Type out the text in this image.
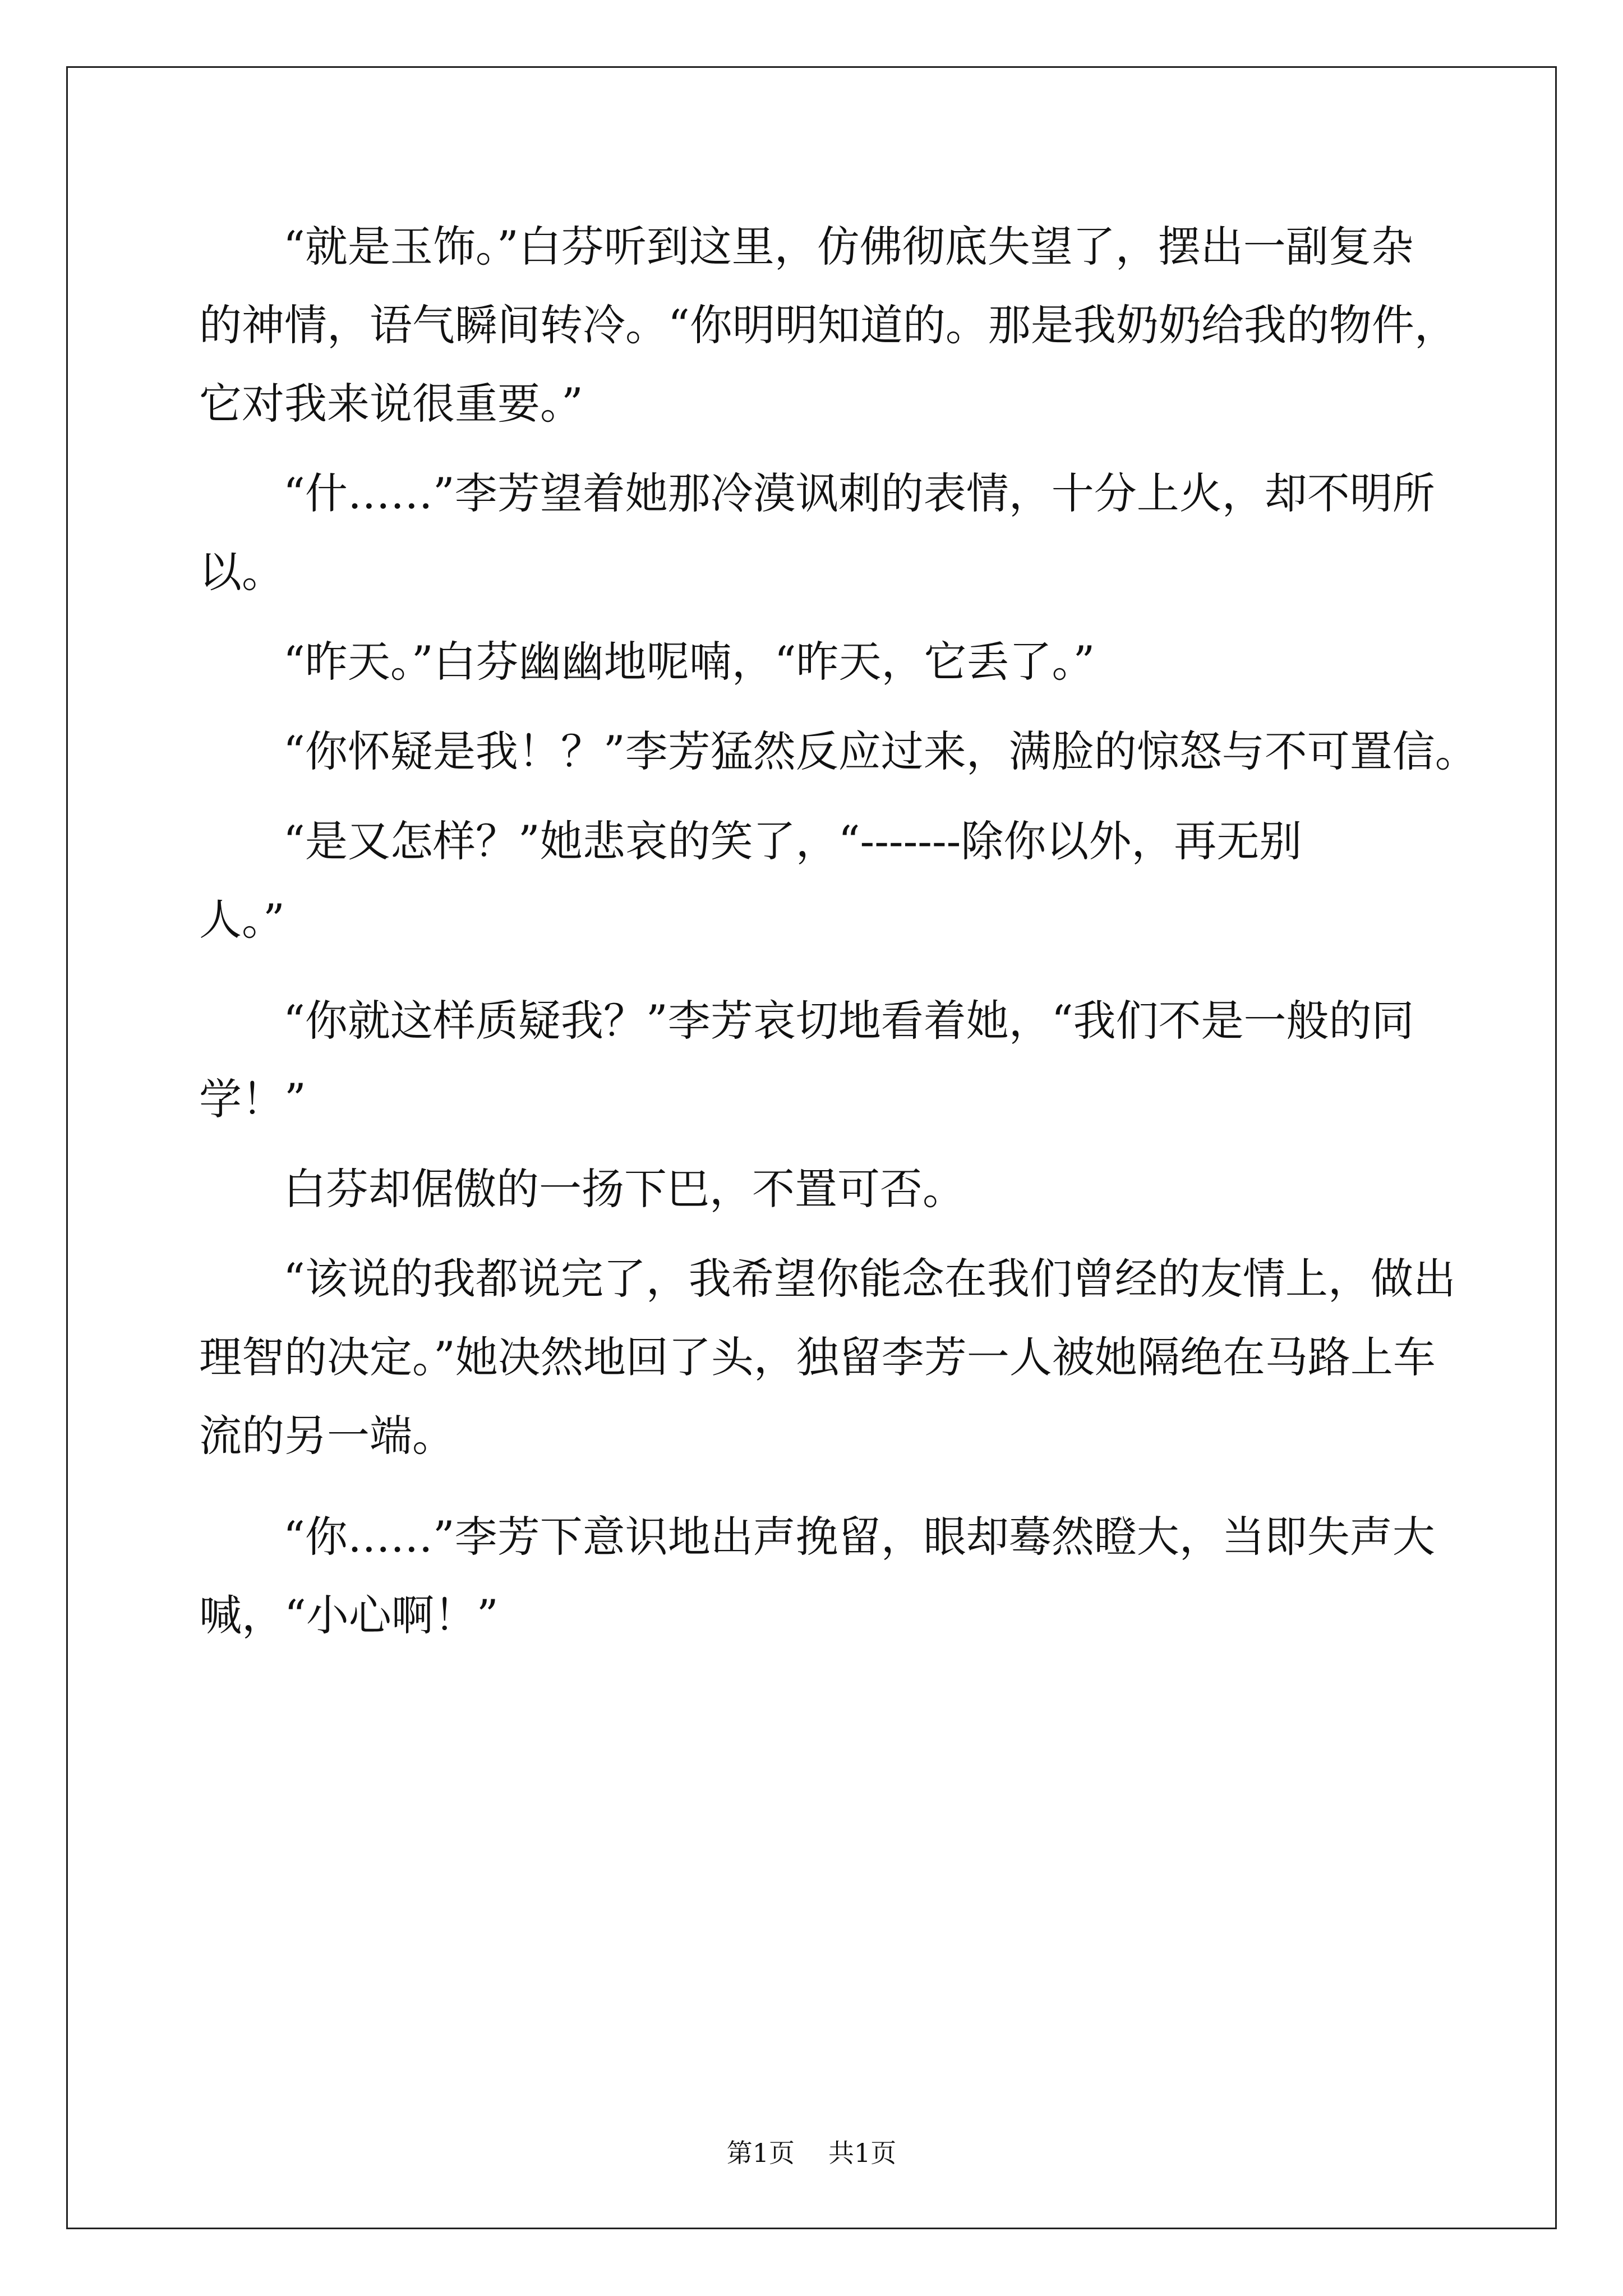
“就是玉饰。”白芬听到这里，仿佛彻底失望了，摆出一副复杂
的神情，语气瞬间转冷。“你明明知道的。那是我奶奶给我的物件，
它对我来说很重要。”
“什……”李芳望着她那冷漠讽刺的表情，十分上火，却不明所
以。
“昨天。”白芬幽幽地呢喃，“昨天，它丢了。”
“你怀疑是我！？”李芳猛然反应过来，满脸的惊怒与不可置信。
“是又怎样？”她悲哀的笑了，“-------除你以外，再无别
人。”
“你就这样质疑我？”李芳哀切地看着她，“我们不是一般的同
学！”
白芬却倨傲的一扬下巴，不置可否。
“该说的我都说完了，我希望你能念在我们曾经的友情上，做出
理智的决定。”她决然地回了头，独留李芳一人被她隔绝在马路上车
流的另一端。
“你……”李芳下意识地出声挽留，眼却蓦然瞪大，当即失声大
喊，“小心啊！”
第1页 共1页
